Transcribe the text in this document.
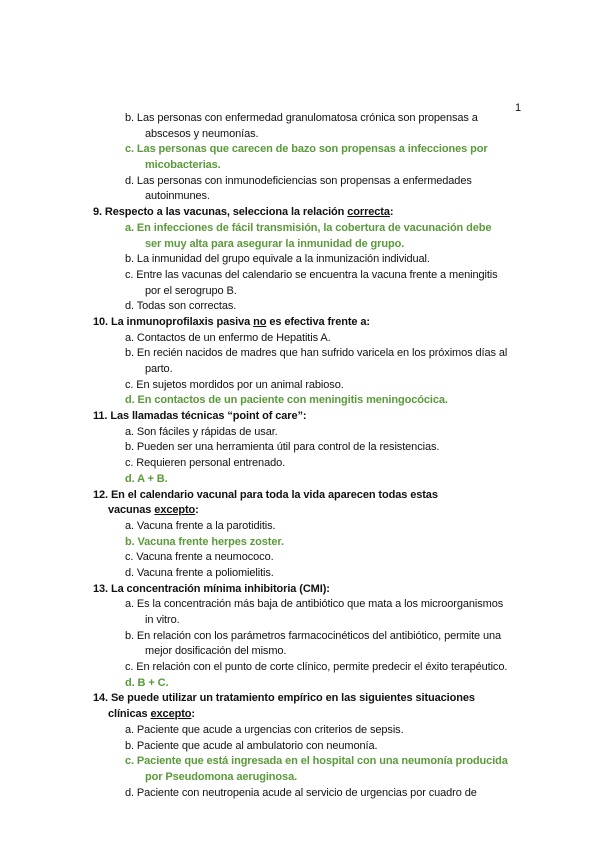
1
b. Las personas con enfermedad granulomatosa crónica son propensas a
abscesos y neumonías.
c. Las personas que carecen de bazo son propensas a infecciones por
micobacterias.
d. Las personas con inmunodeficiencias son propensas a enfermedades
autoinmunes.
9. Respecto a las vacunas, selecciona la relación correcta:
a. En infecciones de fácil transmisión, la cobertura de vacunación debe
ser muy alta para asegurar la inmunidad de grupo.
b. La inmunidad del grupo equivale a la inmunización individual.
c. Entre las vacunas del calendario se encuentra la vacuna frente a meningitis
por el serogrupo B.
d. Todas son correctas.
10. La inmunoprofilaxis pasiva no es efectiva frente a:
a. Contactos de un enfermo de Hepatitis A.
b. En recién nacidos de madres que han sufrido varicela en los próximos días al
parto.
c. En sujetos mordidos por un animal rabioso.
d. En contactos de un paciente con meningitis meningocócica.
11. Las llamadas técnicas “point of care”:
a. Son fáciles y rápidas de usar.
b. Pueden ser una herramienta útil para control de la resistencias.
c. Requieren personal entrenado.
d. A + B.
12. En el calendario vacunal para toda la vida aparecen todas estas
vacunas excepto:
a. Vacuna frente a la parotiditis.
b. Vacuna frente herpes zoster.
c. Vacuna frente a neumococo.
d. Vacuna frente a poliomielitis.
13. La concentración mínima inhibitoria (CMI):
a. Es la concentración más baja de antibiótico que mata a los microorganismos
in vitro.
b. En relación con los parámetros farmacocinéticos del antibiótico, permite una
mejor dosificación del mismo.
c. En relación con el punto de corte clínico, permite predecir el éxito terapéutico.
d. B + C.
14. Se puede utilizar un tratamiento empírico en las siguientes situaciones
clínicas excepto:
a. Paciente que acude a urgencias con criterios de sepsis.
b. Paciente que acude al ambulatorio con neumonía.
c. Paciente que está ingresada en el hospital con una neumonía producida
por Pseudomona aeruginosa.
d. Paciente con neutropenia acude al servicio de urgencias por cuadro de
